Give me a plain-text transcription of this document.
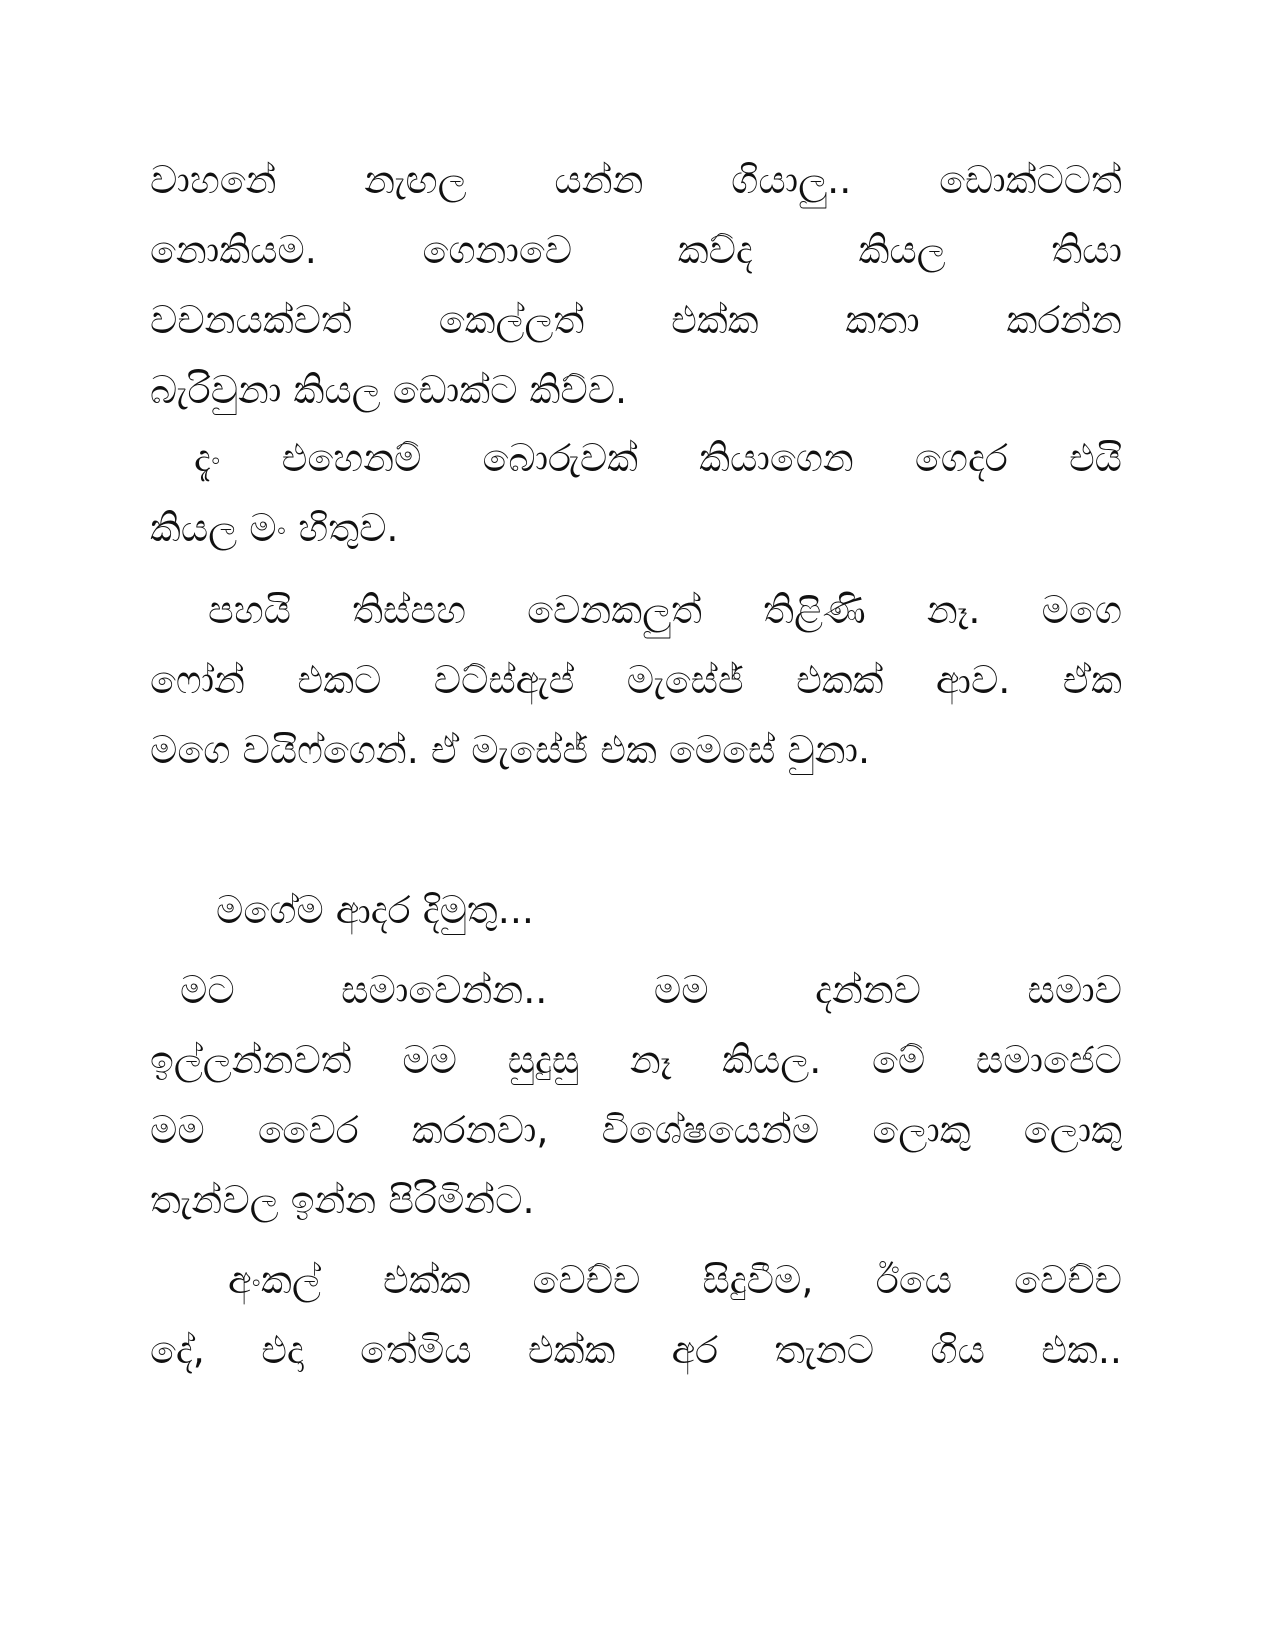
වාහනේ නැඟල යන්න ගියාලු.. ඩොක්ටටත්
නොකියම. ගෙනාවෙ කව්ද කියල තියා
වචනයක්වත් කෙල්ලත් එක්ක කතා කරන්න
බැරිවුනා කියල ඩොක්ට කිව්ව.
දැං එහෙනම් බොරුවක් කියාගෙන ගෙදර එයි
කියල මං හිතුව.
පහයි තිස්පහ වෙනකලුත් තිළිණි නෑ. මගෙ
ෆෝන් එකට වට්ස්ඇප් මැසේජ් එකක් ආව. ඒක
මගෙ වයිෆ්ගෙන්. ඒ මැසේජ් එක මෙසේ වුනා.
මගේම ආදර දිමුතු...
මට සමාවෙන්න.. මම දන්නව සමාව
ඉල්ලන්නවත් මම සුදුසු නෑ කියල. මේ සමාජෙට
මම වෛර කරනවා, විශේෂයෙන්ම ලොකු ලොකු
තැන්වල ඉන්න පිරිමින්ට.
අංකල් එක්ක වෙච්ච සිදුවීම, ඊයෙ වෙච්ච
දේ, එදා තේමිය එක්ක අර තැනට ගිය එක..
